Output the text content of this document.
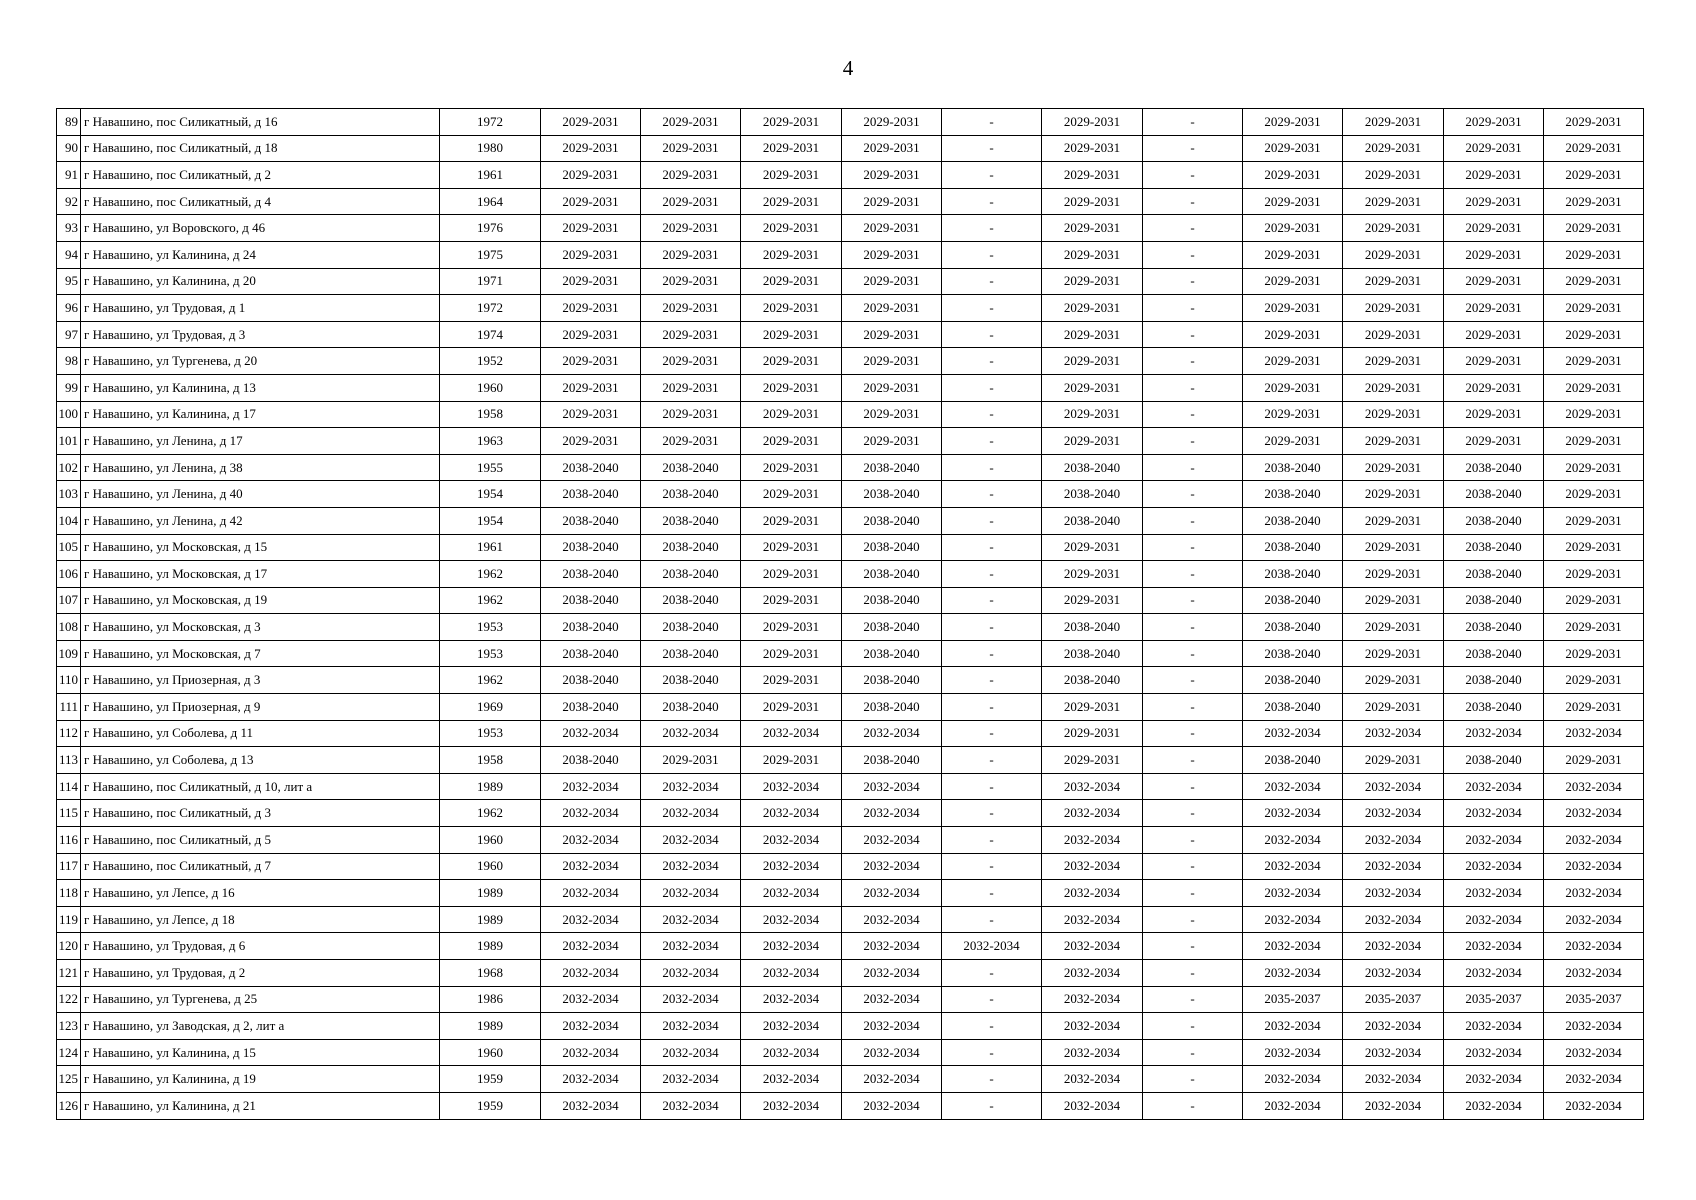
4
89	г Навашино, пос Силикатный, д 16	1972	2029-2031	2029-2031	2029-2031	2029-2031	-	2029-2031	-	2029-2031	2029-2031	2029-2031	2029-2031
90	г Навашино, пос Силикатный, д 18	1980	2029-2031	2029-2031	2029-2031	2029-2031	-	2029-2031	-	2029-2031	2029-2031	2029-2031	2029-2031
91	г Навашино, пос Силикатный, д 2	1961	2029-2031	2029-2031	2029-2031	2029-2031	-	2029-2031	-	2029-2031	2029-2031	2029-2031	2029-2031
92	г Навашино, пос Силикатный, д 4	1964	2029-2031	2029-2031	2029-2031	2029-2031	-	2029-2031	-	2029-2031	2029-2031	2029-2031	2029-2031
93	г Навашино, ул Воровского, д 46	1976	2029-2031	2029-2031	2029-2031	2029-2031	-	2029-2031	-	2029-2031	2029-2031	2029-2031	2029-2031
94	г Навашино, ул Калинина, д 24	1975	2029-2031	2029-2031	2029-2031	2029-2031	-	2029-2031	-	2029-2031	2029-2031	2029-2031	2029-2031
95	г Навашино, ул Калинина, д 20	1971	2029-2031	2029-2031	2029-2031	2029-2031	-	2029-2031	-	2029-2031	2029-2031	2029-2031	2029-2031
96	г Навашино, ул Трудовая, д 1	1972	2029-2031	2029-2031	2029-2031	2029-2031	-	2029-2031	-	2029-2031	2029-2031	2029-2031	2029-2031
97	г Навашино, ул Трудовая, д 3	1974	2029-2031	2029-2031	2029-2031	2029-2031	-	2029-2031	-	2029-2031	2029-2031	2029-2031	2029-2031
98	г Навашино, ул Тургенева, д 20	1952	2029-2031	2029-2031	2029-2031	2029-2031	-	2029-2031	-	2029-2031	2029-2031	2029-2031	2029-2031
99	г Навашино, ул Калинина, д 13	1960	2029-2031	2029-2031	2029-2031	2029-2031	-	2029-2031	-	2029-2031	2029-2031	2029-2031	2029-2031
100	г Навашино, ул Калинина, д 17	1958	2029-2031	2029-2031	2029-2031	2029-2031	-	2029-2031	-	2029-2031	2029-2031	2029-2031	2029-2031
101	г Навашино, ул Ленина, д 17	1963	2029-2031	2029-2031	2029-2031	2029-2031	-	2029-2031	-	2029-2031	2029-2031	2029-2031	2029-2031
102	г Навашино, ул Ленина, д 38	1955	2038-2040	2038-2040	2029-2031	2038-2040	-	2038-2040	-	2038-2040	2029-2031	2038-2040	2029-2031
103	г Навашино, ул Ленина, д 40	1954	2038-2040	2038-2040	2029-2031	2038-2040	-	2038-2040	-	2038-2040	2029-2031	2038-2040	2029-2031
104	г Навашино, ул Ленина, д 42	1954	2038-2040	2038-2040	2029-2031	2038-2040	-	2038-2040	-	2038-2040	2029-2031	2038-2040	2029-2031
105	г Навашино, ул Московская, д 15	1961	2038-2040	2038-2040	2029-2031	2038-2040	-	2029-2031	-	2038-2040	2029-2031	2038-2040	2029-2031
106	г Навашино, ул Московская, д 17	1962	2038-2040	2038-2040	2029-2031	2038-2040	-	2029-2031	-	2038-2040	2029-2031	2038-2040	2029-2031
107	г Навашино, ул Московская, д 19	1962	2038-2040	2038-2040	2029-2031	2038-2040	-	2029-2031	-	2038-2040	2029-2031	2038-2040	2029-2031
108	г Навашино, ул Московская, д 3	1953	2038-2040	2038-2040	2029-2031	2038-2040	-	2038-2040	-	2038-2040	2029-2031	2038-2040	2029-2031
109	г Навашино, ул Московская, д 7	1953	2038-2040	2038-2040	2029-2031	2038-2040	-	2038-2040	-	2038-2040	2029-2031	2038-2040	2029-2031
110	г Навашино, ул Приозерная, д 3	1962	2038-2040	2038-2040	2029-2031	2038-2040	-	2038-2040	-	2038-2040	2029-2031	2038-2040	2029-2031
111	г Навашино, ул Приозерная, д 9	1969	2038-2040	2038-2040	2029-2031	2038-2040	-	2029-2031	-	2038-2040	2029-2031	2038-2040	2029-2031
112	г Навашино, ул Соболева, д 11	1953	2032-2034	2032-2034	2032-2034	2032-2034	-	2029-2031	-	2032-2034	2032-2034	2032-2034	2032-2034
113	г Навашино, ул Соболева, д 13	1958	2038-2040	2029-2031	2029-2031	2038-2040	-	2029-2031	-	2038-2040	2029-2031	2038-2040	2029-2031
114	г Навашино, пос Силикатный, д 10, лит а	1989	2032-2034	2032-2034	2032-2034	2032-2034	-	2032-2034	-	2032-2034	2032-2034	2032-2034	2032-2034
115	г Навашино, пос Силикатный, д 3	1962	2032-2034	2032-2034	2032-2034	2032-2034	-	2032-2034	-	2032-2034	2032-2034	2032-2034	2032-2034
116	г Навашино, пос Силикатный, д 5	1960	2032-2034	2032-2034	2032-2034	2032-2034	-	2032-2034	-	2032-2034	2032-2034	2032-2034	2032-2034
117	г Навашино, пос Силикатный, д 7	1960	2032-2034	2032-2034	2032-2034	2032-2034	-	2032-2034	-	2032-2034	2032-2034	2032-2034	2032-2034
118	г Навашино, ул Лепсе, д 16	1989	2032-2034	2032-2034	2032-2034	2032-2034	-	2032-2034	-	2032-2034	2032-2034	2032-2034	2032-2034
119	г Навашино, ул Лепсе, д 18	1989	2032-2034	2032-2034	2032-2034	2032-2034	-	2032-2034	-	2032-2034	2032-2034	2032-2034	2032-2034
120	г Навашино, ул Трудовая, д 6	1989	2032-2034	2032-2034	2032-2034	2032-2034	2032-2034	2032-2034	-	2032-2034	2032-2034	2032-2034	2032-2034
121	г Навашино, ул Трудовая, д 2	1968	2032-2034	2032-2034	2032-2034	2032-2034	-	2032-2034	-	2032-2034	2032-2034	2032-2034	2032-2034
122	г Навашино, ул Тургенева, д 25	1986	2032-2034	2032-2034	2032-2034	2032-2034	-	2032-2034	-	2035-2037	2035-2037	2035-2037	2035-2037
123	г Навашино, ул Заводская, д 2, лит а	1989	2032-2034	2032-2034	2032-2034	2032-2034	-	2032-2034	-	2032-2034	2032-2034	2032-2034	2032-2034
124	г Навашино, ул Калинина, д 15	1960	2032-2034	2032-2034	2032-2034	2032-2034	-	2032-2034	-	2032-2034	2032-2034	2032-2034	2032-2034
125	г Навашино, ул Калинина, д 19	1959	2032-2034	2032-2034	2032-2034	2032-2034	-	2032-2034	-	2032-2034	2032-2034	2032-2034	2032-2034
126	г Навашино, ул Калинина, д 21	1959	2032-2034	2032-2034	2032-2034	2032-2034	-	2032-2034	-	2032-2034	2032-2034	2032-2034	2032-2034
